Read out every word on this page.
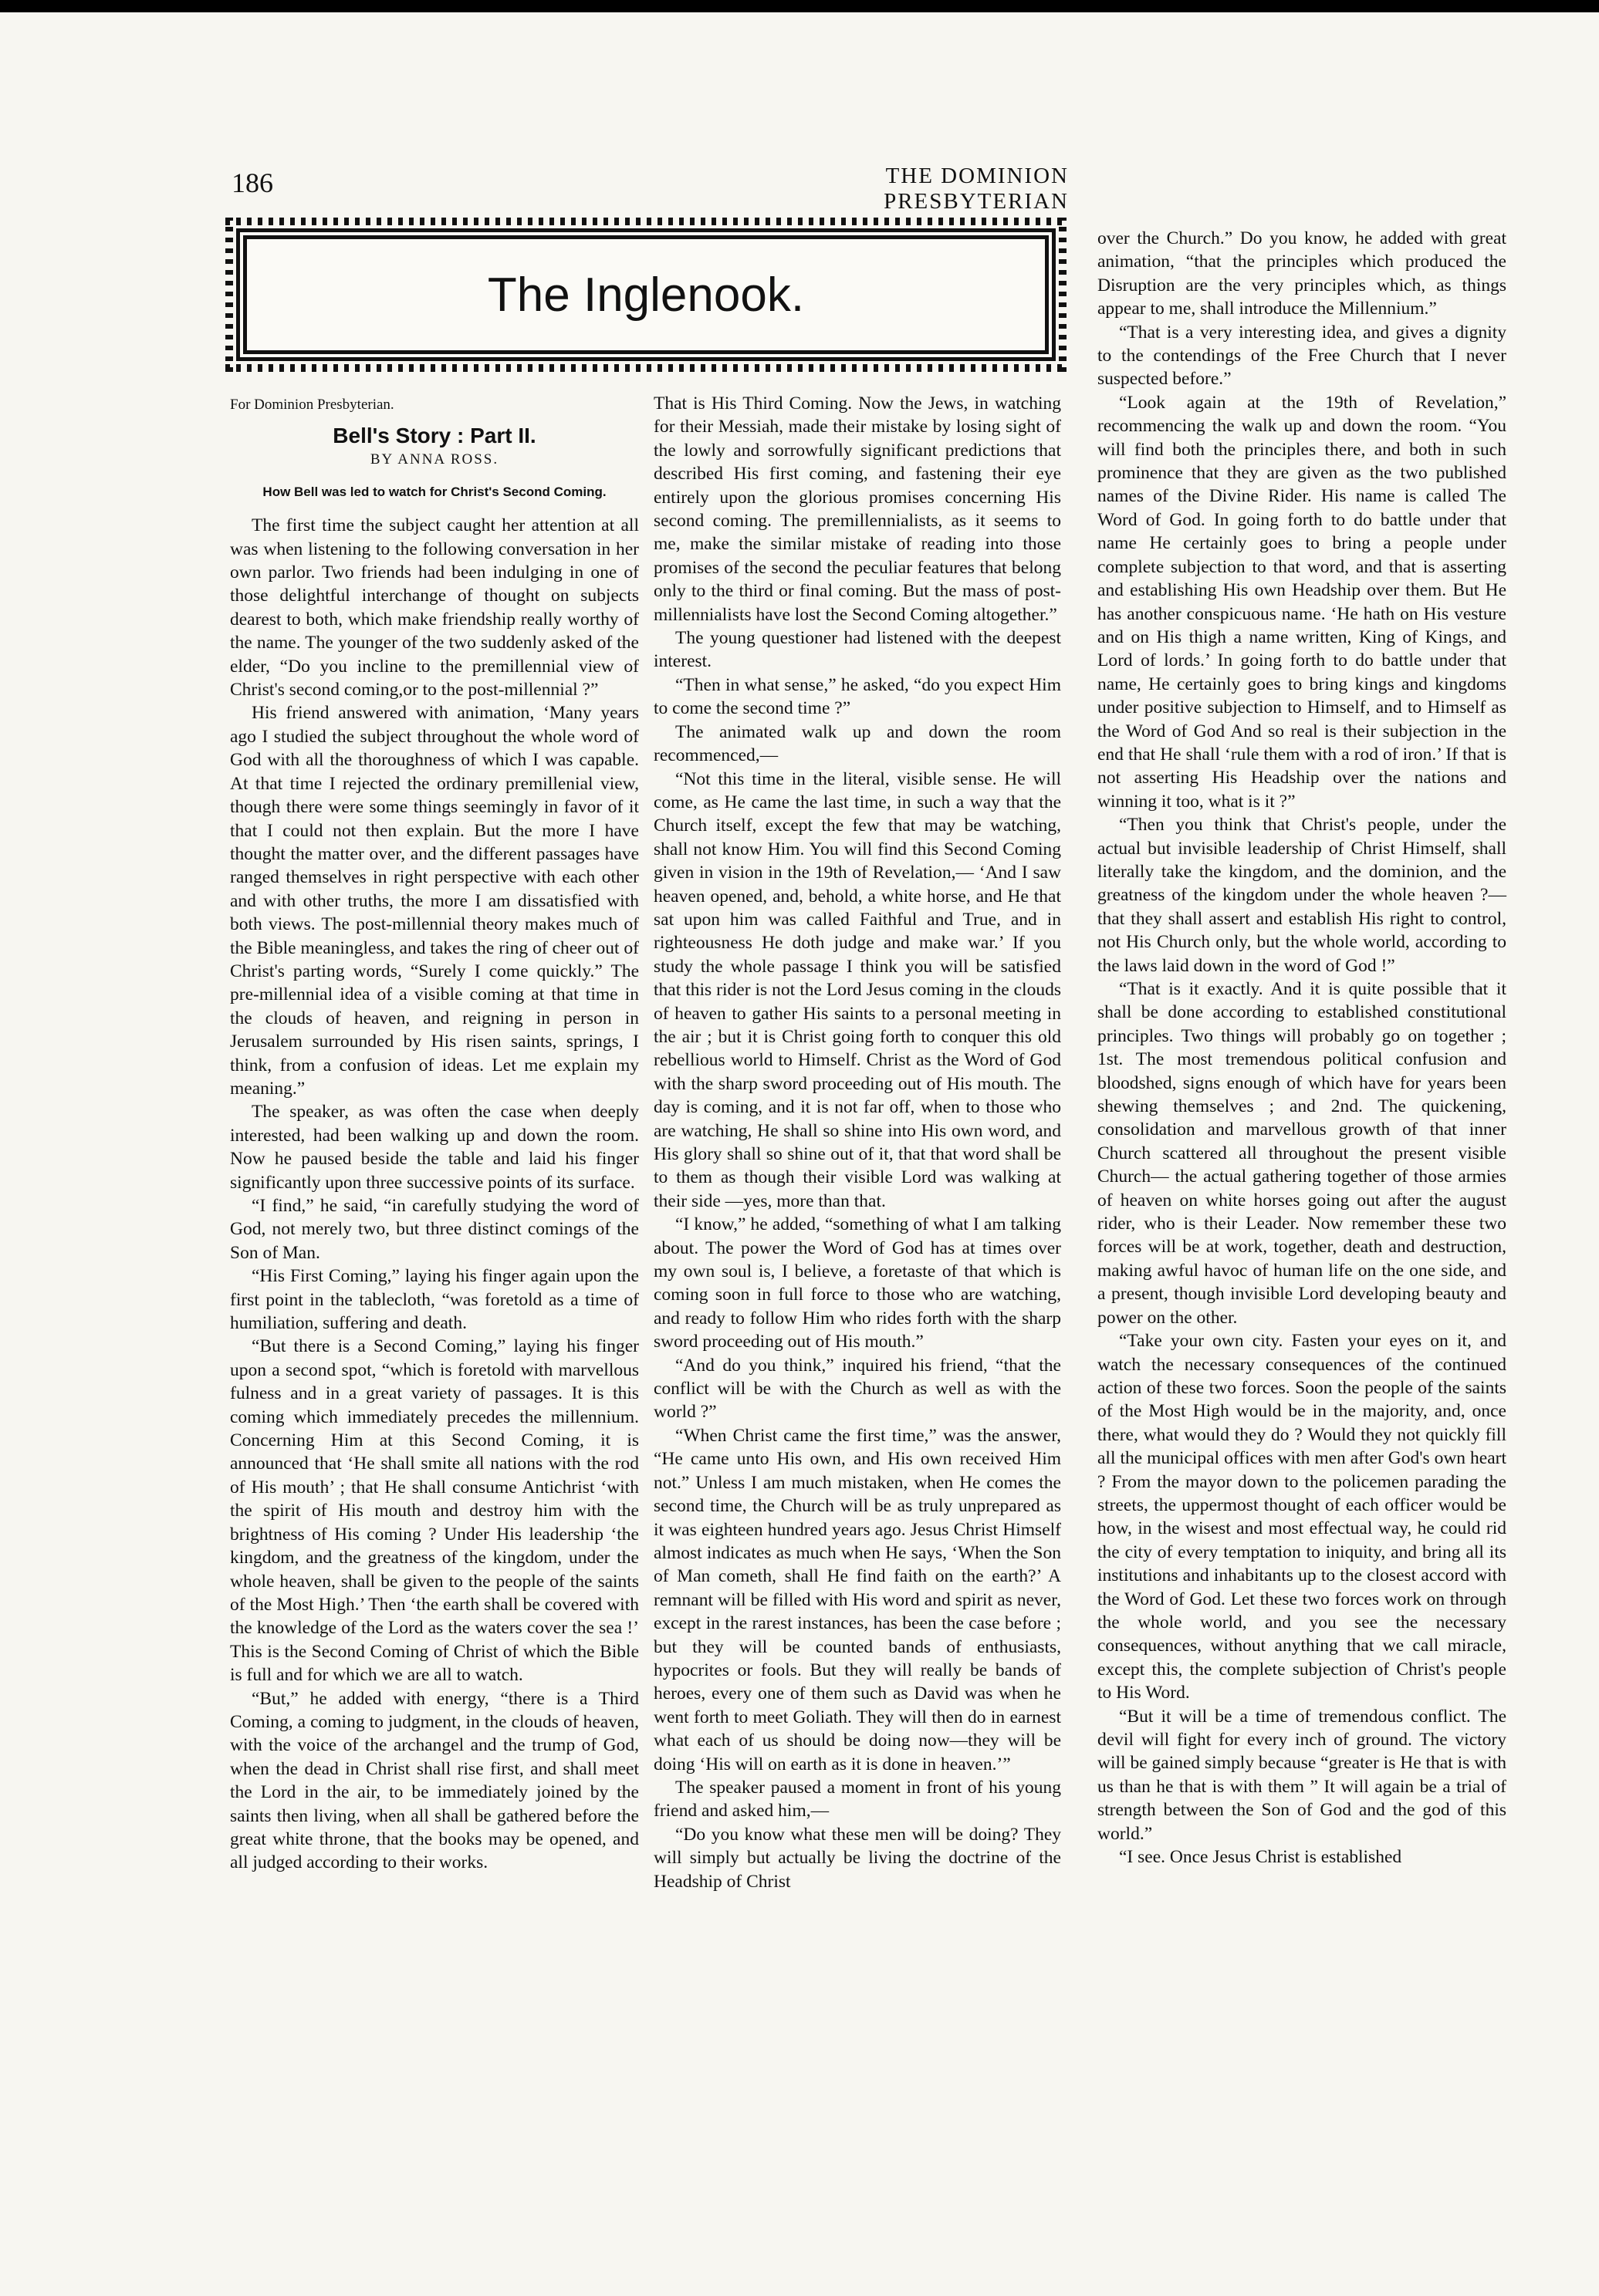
186	THE DOMINION PRESBYTERIAN
The Inglenook.

For Dominion Presbyterian.

Bell's Story : Part II.

BY ANNA ROSS.

How Bell was led to watch for Christ's Second Coming.

The first time the subject caught her attention at all was when listening to the following conversation in her own parlor. Two friends had been indulging in one of those delightful interchange of thought on subjects dearest to both, which make friendship really worthy of the name. The younger of the two suddenly asked of the elder, “Do you incline to the premillennial view of Christ's second coming,or to the post-millennial ?”

His friend answered with animation, ‘Many years ago I studied the subject throughout the whole word of God with all the thoroughness of which I was capable. At that time I rejected the ordinary premillenial view, though there were some things seemingly in favor of it that I could not then explain. But the more I have thought the matter over, and the different passages have ranged themselves in right perspective with each other and with other truths, the more I am dissatisfied with both views. The post-millennial theory makes much of the Bible meaningless, and takes the ring of cheer out of Christ's parting words, “Surely I come quickly.” The pre-millennial idea of a visible coming at that time in the clouds of heaven, and reigning in person in Jerusalem surrounded by His risen saints, springs, I think, from a confusion of ideas. Let me explain my meaning.”

The speaker, as was often the case when deeply interested, had been walking up and down the room. Now he paused beside the table and laid his finger significantly upon three successive points of its surface.

“I find,” he said, “in carefully studying the word of God, not merely two, but three distinct comings of the Son of Man.

“His First Coming,” laying his finger again upon the first point in the tablecloth, “was foretold as a time of humiliation, suffering and death.

“But there is a Second Coming,” laying his finger upon a second spot, “which is foretold with marvellous fulness and in a great variety of passages. It is this coming which immediately precedes the millennium. Concerning Him at this Second Coming, it is announced that ‘He shall smite all nations with the rod of His mouth’ ; that He shall consume Antichrist ‘with the spirit of His mouth and destroy him with the brightness of His coming ? Under His leadership ‘the kingdom, and the greatness of the kingdom, under the whole heaven, shall be given to the people of the saints of the Most High.’ Then ‘the earth shall be covered with the knowledge of the Lord as the waters cover the sea !’ This is the Second Coming of Christ of which the Bible is full and for which we are all to watch.

“But,” he added with energy, “there is a Third Coming, a coming to judgment, in the clouds of heaven, with the voice of the archangel and the trump of God, when the dead in Christ shall rise first, and shall meet the Lord in the air, to be immediately joined by the saints then living, when all shall be gathered before the great white throne, that the books may be opened, and all judged according to their works.

That is His Third Coming. Now the Jews, in watching for their Messiah, made their mistake by losing sight of the lowly and sorrowfully significant predictions that described His first coming, and fastening their eye entirely upon the glorious promises concerning His second coming. The premillennialists, as it seems to me, make the similar mistake of reading into those promises of the second the peculiar features that belong only to the third or final coming. But the mass of post-millennialists have lost the Second Coming altogether.”

The young questioner had listened with the deepest interest.

“Then in what sense,” he asked, “do you expect Him to come the second time ?”

The animated walk up and down the room recommenced,—

“Not this time in the literal, visible sense. He will come, as He came the last time, in such a way that the Church itself, except the few that may be watching, shall not know Him. You will find this Second Coming given in vision in the 19th of Revelation,— ‘And I saw heaven opened, and, behold, a white horse, and He that sat upon him was called Faithful and True, and in righteousness He doth judge and make war.’ If you study the whole passage I think you will be satisfied that this rider is not the Lord Jesus coming in the clouds of heaven to gather His saints to a personal meeting in the air ; but it is Christ going forth to conquer this old rebellious world to Himself. Christ as the Word of God with the sharp sword proceeding out of His mouth. The day is coming, and it is not far off, when to those who are watching, He shall so shine into His own word, and His glory shall so shine out of it, that that word shall be to them as though their visible Lord was walking at their side —yes, more than that.

“I know,” he added, “something of what I am talking about. The power the Word of God has at times over my own soul is, I believe, a foretaste of that which is coming soon in full force to those who are watching, and ready to follow Him who rides forth with the sharp sword proceeding out of His mouth.”

“And do you think,” inquired his friend, “that the conflict will be with the Church as well as with the world ?”

“When Christ came the first time,” was the answer, “He came unto His own, and His own received Him not.” Unless I am much mistaken, when He comes the second time, the Church will be as truly unprepared as it was eighteen hundred years ago. Jesus Christ Himself almost indicates as much when He says, ‘When the Son of Man cometh, shall He find faith on the earth?’ A remnant will be filled with His word and spirit as never, except in the rarest instances, has been the case before ; but they will be counted bands of enthusiasts, hypocrites or fools. But they will really be bands of heroes, every one of them such as David was when he went forth to meet Goliath. They will then do in earnest what each of us should be doing now—they will be doing ‘His will on earth as it is done in heaven.’”

The speaker paused a moment in front of his young friend and asked him,—

“Do you know what these men will be doing? They will simply but actually be living the doctrine of the Headship of Christ

over the Church.” Do you know, he added with great animation, “that the principles which produced the Disruption are the very principles which, as things appear to me, shall introduce the Millennium.”

“That is a very interesting idea, and gives a dignity to the contendings of the Free Church that I never suspected before.”

“Look again at the 19th of Revelation,” recommencing the walk up and down the room. “You will find both the principles there, and both in such prominence that they are given as the two published names of the Divine Rider. His name is called The Word of God. In going forth to do battle under that name He certainly goes to bring a people under complete subjection to that word, and that is asserting and establishing His own Headship over them. But He has another conspicuous name. ‘He hath on His vesture and on His thigh a name written, King of Kings, and Lord of lords.’ In going forth to do battle under that name, He certainly goes to bring kings and kingdoms under positive subjection to Himself, and to Himself as the Word of God And so real is their subjection in the end that He shall ‘rule them with a rod of iron.’ If that is not asserting His Headship over the nations and winning it too, what is it ?”

“Then you think that Christ's people, under the actual but invisible leadership of Christ Himself, shall literally take the kingdom, and the dominion, and the greatness of the kingdom under the whole heaven ?— that they shall assert and establish His right to control, not His Church only, but the whole world, according to the laws laid down in the word of God !”

“That is it exactly. And it is quite possible that it shall be done according to established constitutional principles. Two things will probably go on together ; 1st. The most tremendous political confusion and bloodshed, signs enough of which have for years been shewing themselves ; and 2nd. The quickening, consolidation and marvellous growth of that inner Church scattered all throughout the present visible Church— the actual gathering together of those armies of heaven on white horses going out after the august rider, who is their Leader. Now remember these two forces will be at work, together, death and destruction, making awful havoc of human life on the one side, and a present, though invisible Lord developing beauty and power on the other.

“Take your own city. Fasten your eyes on it, and watch the necessary consequences of the continued action of these two forces. Soon the people of the saints of the Most High would be in the majority, and, once there, what would they do ? Would they not quickly fill all the municipal offices with men after God's own heart ? From the mayor down to the policemen parading the streets, the uppermost thought of each officer would be how, in the wisest and most effectual way, he could rid the city of every temptation to iniquity, and bring all its institutions and inhabitants up to the closest accord with the Word of God. Let these two forces work on through the whole world, and you see the necessary consequences, without anything that we call miracle, except this, the complete subjection of Christ's people to His Word.

“But it will be a time of tremendous conflict. The devil will fight for every inch of ground. The victory will be gained simply because “greater is He that is with us than he that is with them ” It will again be a trial of strength between the Son of God and the god of this world.”

“I see. Once Jesus Christ is established
